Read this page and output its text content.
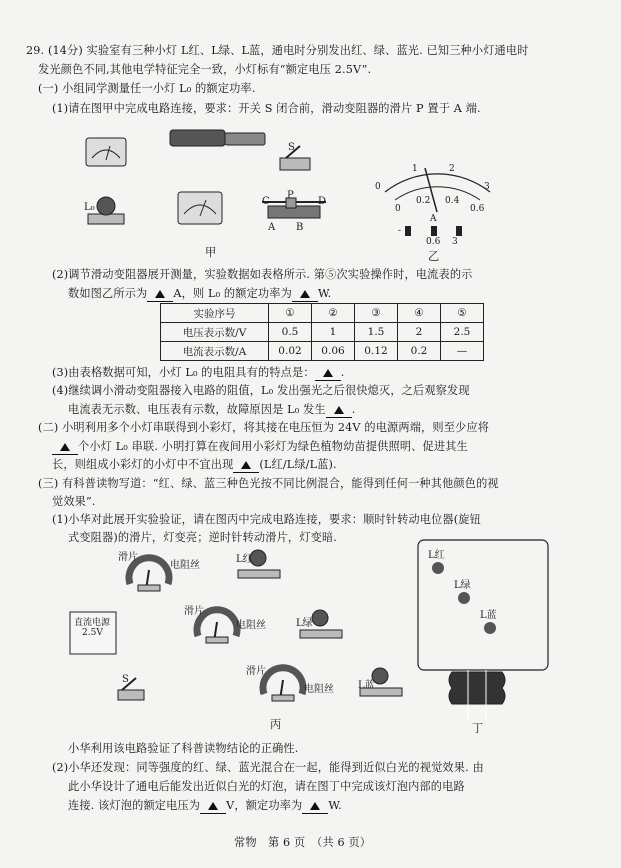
29. (14分) 实验室有三种小灯 L红、L绿、L蓝，通电时分别发出红、绿、蓝光. 已知三种小灯通电时
发光颜色不同,其他电学特征完全一致，小灯标有“额定电压 2.5V”.
(一) 小组同学测量任一小灯 L₀ 的额定功率.
(1)请在图甲中完成电路连接，要求：开关 S 闭合前，滑动变阻器的滑片 P 置于 A 端.
S
L₀
C
P
D
A B
1	2
0	3
0
0.2 0.4
0.6
A
-
0.6 3
甲	乙
(2)调节滑动变阻器展开测量，实验数据如表格所示. 第⑤次实验操作时，电流表的示
数如图乙所示为 A，则 L₀ 的额定功率为 W.
实验序号	①	②	③	④	⑤
电压表示数/V	0.5	1	1.5	2	2.5
电流表示数/A	0.02	0.06	0.12	0.2	—
(3)由表格数据可知，小灯 L₀ 的电阻具有的特点是： .
(4)继续调小滑动变阻器接入电路的阻值，L₀ 发出强光之后很快熄灭，之后观察发现
电流表无示数、电压表有示数，故障原因是 L₀ 发生 .
(二) 小明利用多个小灯串联得到小彩灯，将其接在电压恒为 24V 的电源两端，则至少应将
个小灯 L₀ 串联. 小明打算在夜间用小彩灯为绿色植物幼苗提供照明、促进其生
长，则组成小彩灯的小灯中不宜出现 (L红/L绿/L蓝).
(三) 有科普读物写道：“红、绿、蓝三种色光按不同比例混合，能得到任何一种其他颜色的视
觉效果”.
(1)小华对此展开实验验证，请在图丙中完成电路连接，要求：顺时针转动电位器(旋钮
式变阻器)的滑片，灯变亮；逆时针转动滑片，灯变暗.
滑片
电阻丝
L红
滑片
电阻丝	L绿
直流电源
2.5V
S
滑片
电阻丝 L蓝
L红
L绿
L蓝
丙	丁
小华利用该电路验证了科普读物结论的正确性.
(2)小华还发现：同等强度的红、绿、蓝光混合在一起，能得到近似白光的视觉效果. 由
此小华设计了通电后能发出近似白光的灯泡，请在图丁中完成该灯泡内部的电路
连接. 该灯泡的额定电压为 V，额定功率为 W.
常物　第 6 页　（共 6 页）
